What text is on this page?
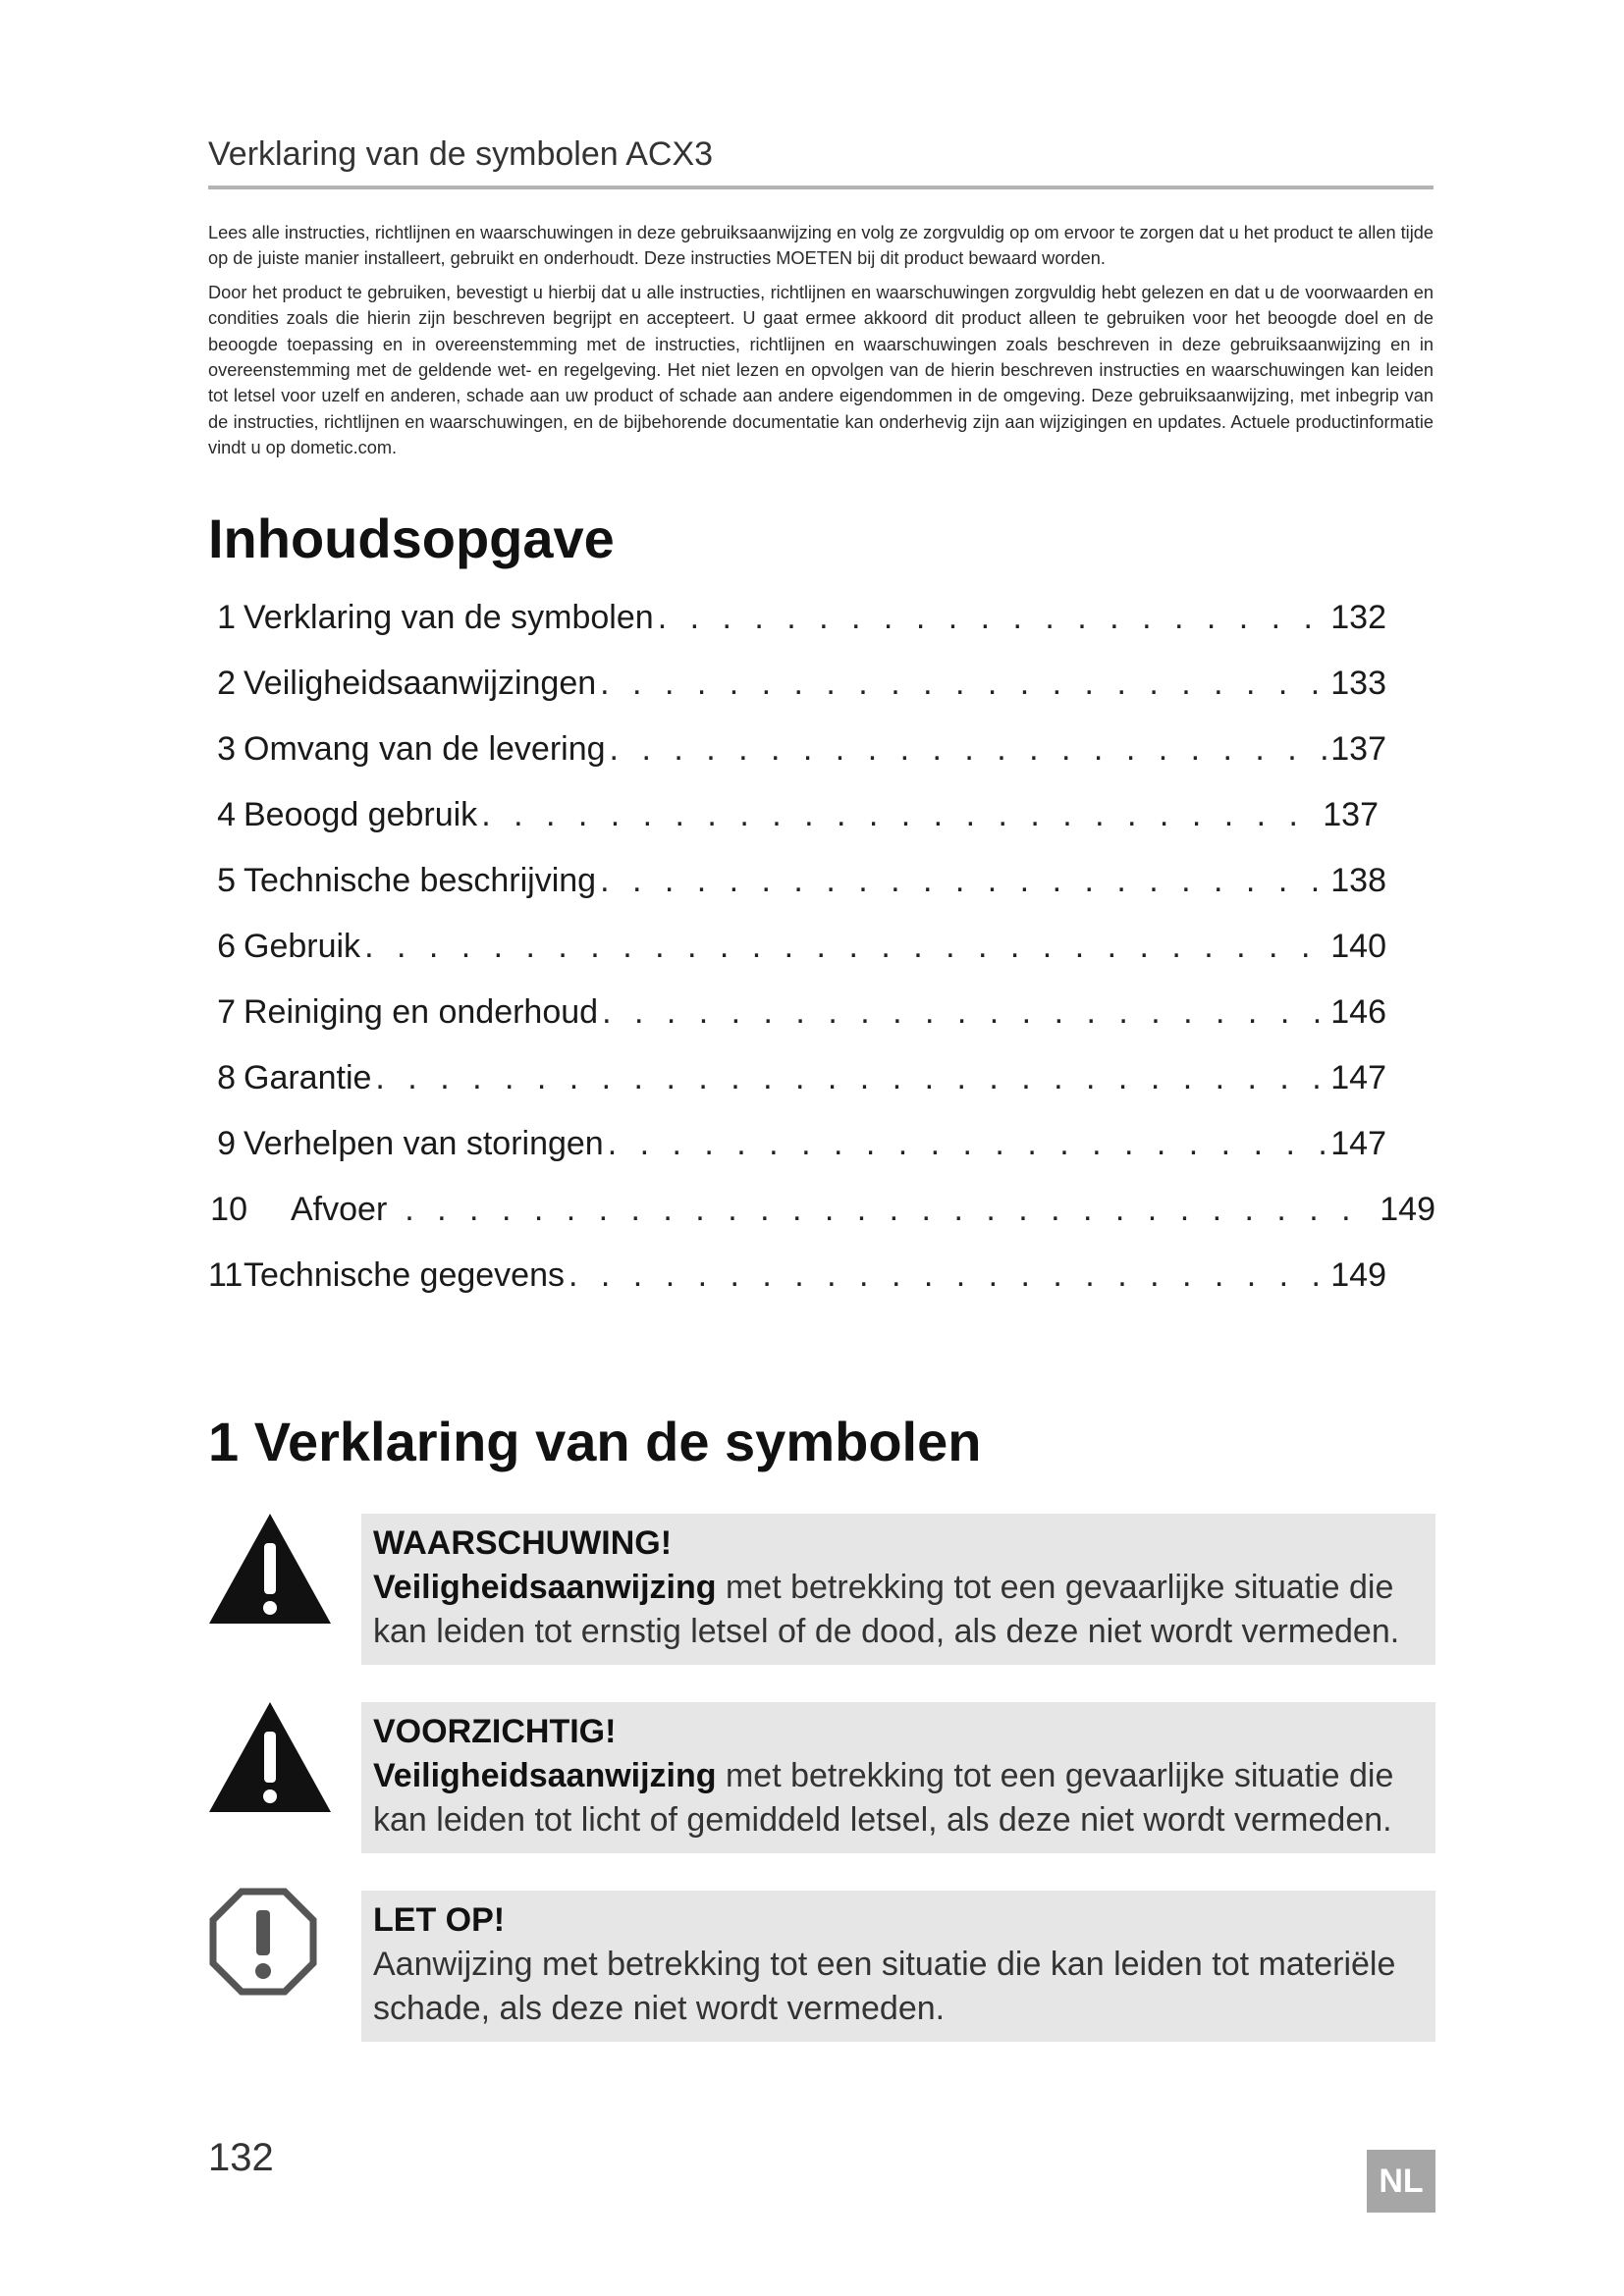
Verklaring van de symbolen ACX3

Lees alle instructies, richtlijnen en waarschuwingen in deze gebruiksaanwijzing en volg ze zorgvuldig op om ervoor te zorgen dat u het product te allen tijde op de juiste manier installeert, gebruikt en onderhoudt. Deze instructies MOETEN bij dit product bewaard worden.

Door het product te gebruiken, bevestigt u hierbij dat u alle instructies, richtlijnen en waarschuwingen zorgvuldig hebt gelezen en dat u de voorwaarden en condities zoals die hierin zijn beschreven begrijpt en accepteert. U gaat ermee akkoord dit product alleen te gebruiken voor het beoogde doel en de beoogde toepassing en in overeenstemming met de instructies, richtlijnen en waarschuwingen zoals beschreven in deze gebruiksaanwijzing en in overeenstemming met de geldende wet- en regelgeving. Het niet lezen en opvolgen van de hierin beschreven instructies en waarschuwingen kan leiden tot letsel voor uzelf en anderen, schade aan uw product of schade aan andere eigendommen in de omgeving. Deze gebruiksaanwijzing, met inbegrip van de instructies, richtlijnen en waarschuwingen, en de bijbehorende documentatie kan onderhevig zijn aan wijzigingen en updates. Actuele productinformatie vindt u op dometic.com.

Inhoudsopgave
1 Verklaring van de symbolen . . .	132
2 Veiligheidsaanwijzingen . . .	133
3 Omvang van de levering . . .	137
4 Beoogd gebruik . . .	137
5 Technische beschrijving . . .	138
6 Gebruik . . .	140
7 Reiniging en onderhoud . . .	146
8 Garantie . . .	147
9 Verhelpen van storingen . . .	147
10 Afvoer . . .	149
11 Technische gegevens . . .	149
1 Verklaring van de symbolen
WAARSCHUWING!
Veiligheidsaanwijzing met betrekking tot een gevaarlijke situatie die kan leiden tot ernstig letsel of de dood, als deze niet wordt vermeden.
VOORZICHTIG!
Veiligheidsaanwijzing met betrekking tot een gevaarlijke situatie die kan leiden tot licht of gemiddeld letsel, als deze niet wordt vermeden.
LET OP!
Aanwijzing met betrekking tot een situatie die kan leiden tot materiële schade, als deze niet wordt vermeden.
132
NL
